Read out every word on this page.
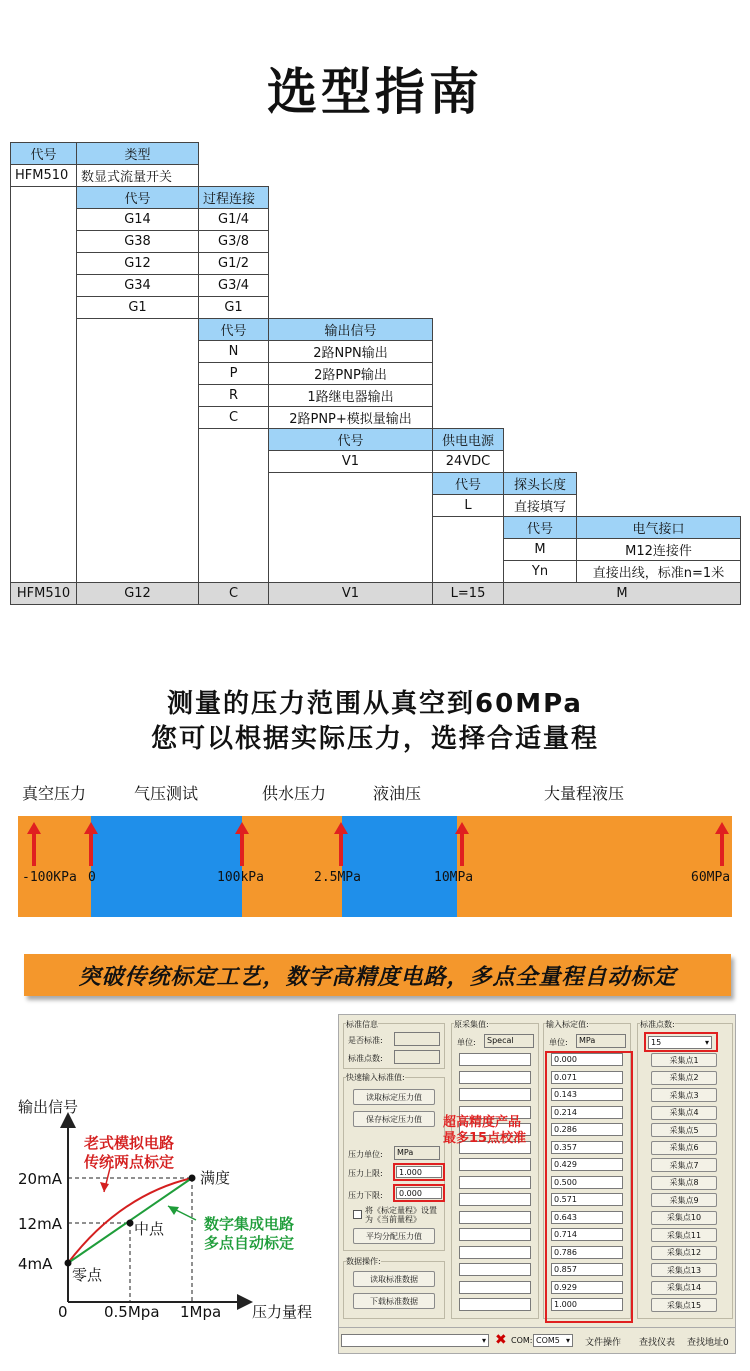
选型指南
代号	类型
HFM510 数显式流量开关
代号	过程连接
G14	G1/4
G38	G3/8
G12	G1/2
G34	G3/4
G1	G1
代号	输出信号
N	2路NPN输出
P	2路PNP输出
R	1路继电器输出
C	2路PNP+模拟量输出
代号	供电电源
V1	24VDC
代号	探头长度
L	直接填写
代号	电气接口
M	M12连接件
Yn	直接出线，标准n=1米
HFM510	G12	C	V1	L=15	M
测量的压力范围从真空到60MPa
您可以根据实际压力，选择合适量程
真空压力	气压测试	供水压力	液油压	大量程液压
-100KPa 0	100kPa	2.5MPa	10MPa	60MPa
突破传统标定工艺，数字高精度电路，多点全量程自动标定
输出信号
压力量程
20mA
12mA
4mA
0 0.5Mpa 1Mpa
零点
中点
满度
老式模拟电路
传统两点标定
数字集成电路
多点自动标定
标准信息
是否标准:
标准点数:
快速输入标准值:
读取标定压力值
保存标定压力值
压力单位:	MPa
压力上限:	1.000
压力下限:	0.000
将《标定量程》设置为《当前量程》
平均分配压力值
数据操作:
读取标准数据
下载标准数据
原采集值:
单位:	Specal
输入标定值:
单位:	MPa
0.000
0.071
0.143
0.214
0.286
0.357
0.429
0.500
0.571
0.643
0.714
0.786
0.857
0.929
1.000
标准点数:
15	▾
采集点1
采集点2
采集点3
采集点4
采集点5
采集点6
采集点7
采集点8
采集点9
采集点10
采集点11
采集点12
采集点13
采集点14
采集点15
超高精度产品
最多15点校准
▾ ✖ COM: COM5 ▾ 文件操作 查找仪表 查找地址0
